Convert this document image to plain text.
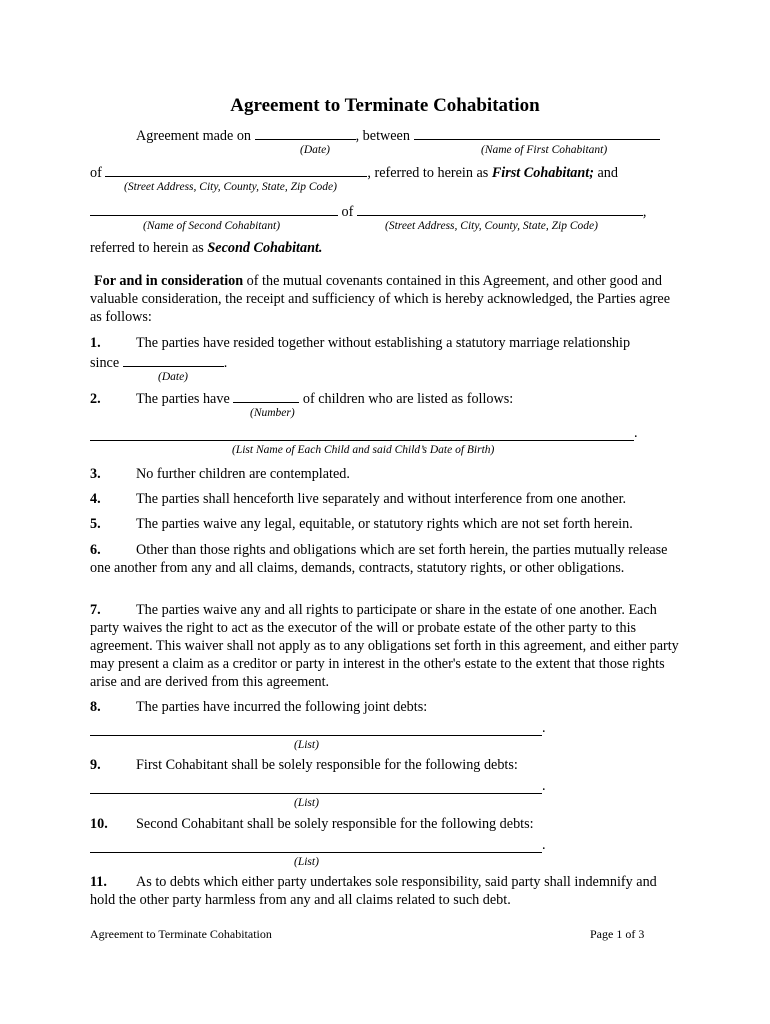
Agreement to Terminate Cohabitation
Agreement made on	, between
(Date)	(Name of First Cohabitant)
of	, referred to herein as First Cohabitant; and
(Street Address, City, County, State, Zip Code)
of	,
(Name of Second Cohabitant)	(Street Address, City, County, State, Zip Code)
referred to herein as Second Cohabitant.
For and in consideration of the mutual covenants contained in this Agreement, and other good and valuable consideration, the receipt and sufficiency of which is hereby acknowledged, the Parties agree as follows:
1. The parties have resided together without establishing a statutory marriage relationship
since	.
(Date)
2. The parties have	of children who are listed as follows:
(Number)
.
(List Name of Each Child and said Child’s Date of Birth)
3. No further children are contemplated.
4. The parties shall henceforth live separately and without interference from one another.
5. The parties waive any legal, equitable, or statutory rights which are not set forth herein.
6. Other than those rights and obligations which are set forth herein, the parties mutually release one another from any and all claims, demands, contracts, statutory rights, or other obligations.
7. The parties waive any and all rights to participate or share in the estate of one another. Each party waives the right to act as the executor of the will or probate estate of the other party to this agreement. This waiver shall not apply as to any obligations set forth in this agreement, and either party may present a claim as a creditor or party in interest in the other's estate to the extent that those rights arise and are derived from this agreement.
8. The parties have incurred the following joint debts:
.
(List)
9. First Cohabitant shall be solely responsible for the following debts:
.
(List)
10. Second Cohabitant shall be solely responsible for the following debts:
.
(List)
11. As to debts which either party undertakes sole responsibility, said party shall indemnify and hold the other party harmless from any and all claims related to such debt.
Agreement to Terminate Cohabitation	Page 1 of 3
